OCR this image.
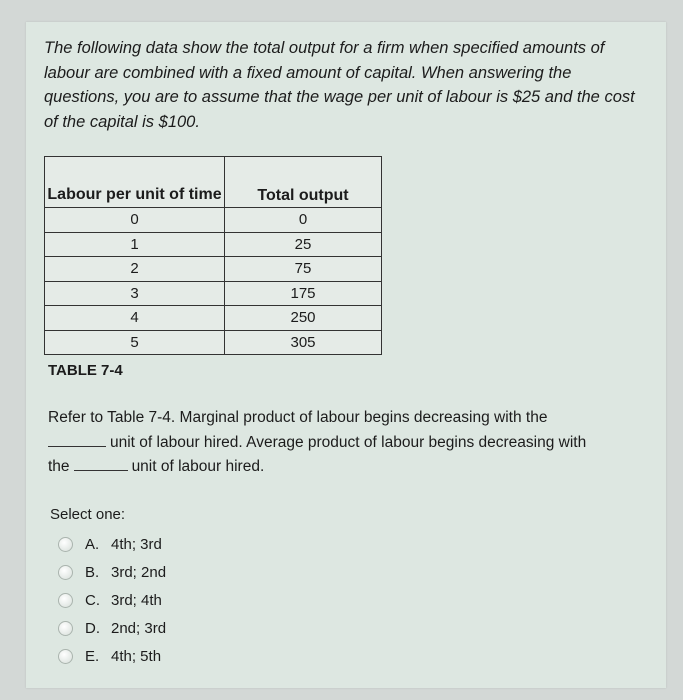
The following data show the total output for a firm when specified amounts of labour are combined with a fixed amount of capital. When answering the questions, you are to assume that the wage per unit of labour is $25 and the cost of the capital is $100.

Labour per unit of time	Total output
0	0
1	25
2	75
3	175
4	250
5	305
TABLE 7-4
Refer to Table 7-4. Marginal product of labour begins decreasing with the
unit of labour hired. Average product of labour begins decreasing with
the	unit of labour hired.
Select one:
A. 4th; 3rd
B. 3rd; 2nd
C. 3rd; 4th
D. 2nd; 3rd
E. 4th; 5th
